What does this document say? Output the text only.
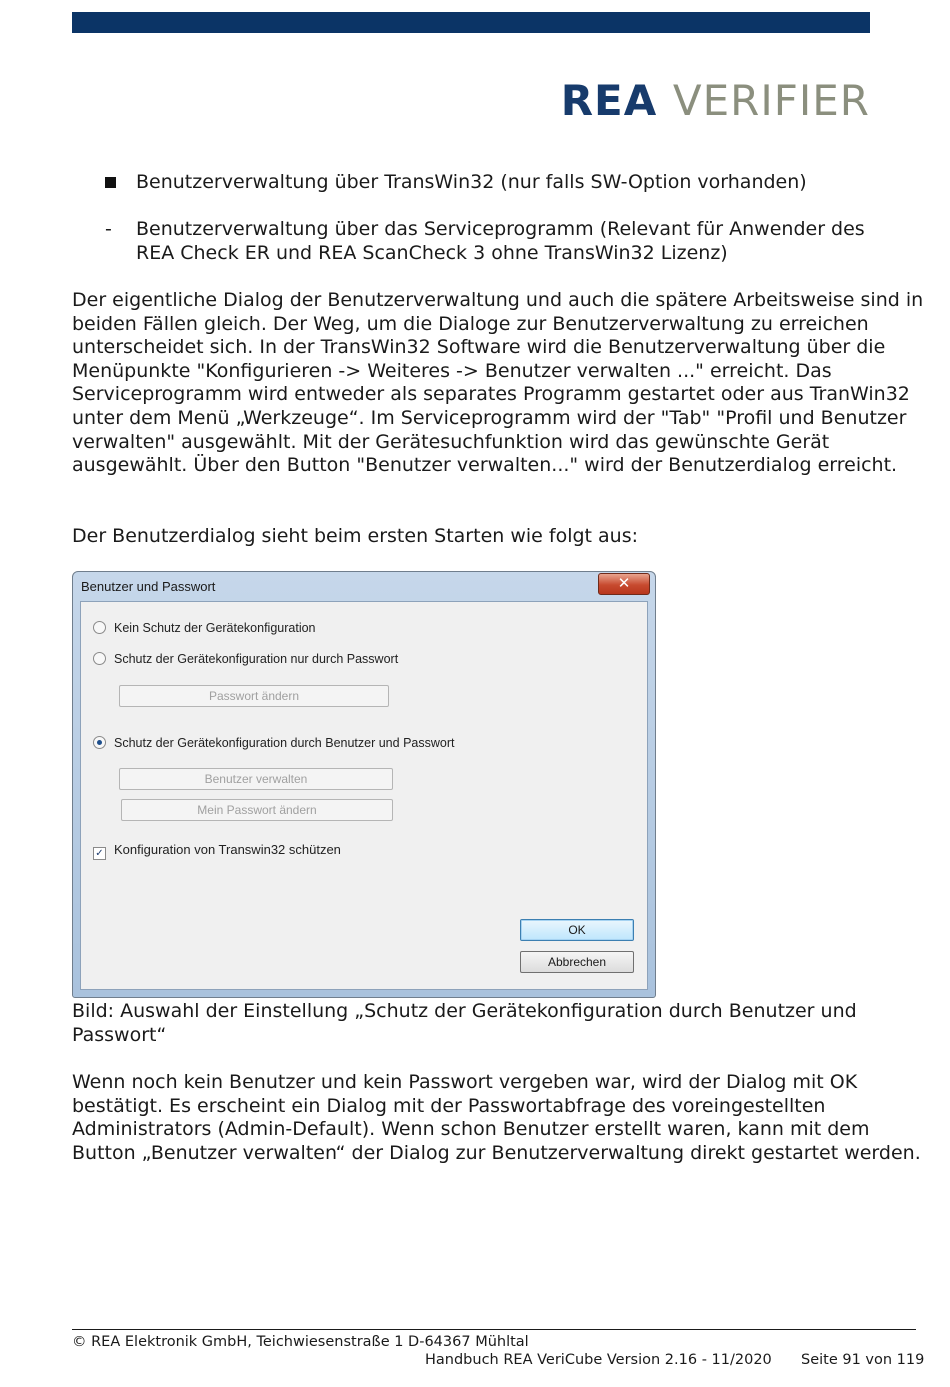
REA VERIFIER
Benutzerverwaltung über TransWin32 (nur falls SW-Option vorhanden)
- Benutzerverwaltung über das Serviceprogramm (Relevant für Anwender des REA Check ER und REA ScanCheck 3 ohne TransWin32 Lizenz)

Der eigentliche Dialog der Benutzerverwaltung und auch die spätere Arbeitsweise sind in beiden Fällen gleich. Der Weg, um die Dialoge zur Benutzerverwaltung zu erreichen unterscheidet sich. In der TransWin32 Software wird die Benutzerverwaltung über die Menüpunkte "Konfigurieren -> Weiteres -> Benutzer verwalten ..." erreicht. Das Serviceprogramm wird entweder als separates Programm gestartet oder aus TranWin32 unter dem Menü „Werkzeuge“. Im Serviceprogramm wird der "Tab" "Profil und Benutzer verwalten" ausgewählt. Mit der Gerätesuchfunktion wird das gewünschte Gerät ausgewählt. Über den Button "Benutzer verwalten..." wird der Benutzerdialog erreicht.

Der Benutzerdialog sieht beim ersten Starten wie folgt aus:

Benutzer und Passwort	✕
Kein Schutz der Gerätekonfiguration
Schutz der Gerätekonfiguration nur durch Passwort
Passwort ändern
Schutz der Gerätekonfiguration durch Benutzer und Passwort
Benutzer verwalten
Mein Passwort ändern
✓ Konfiguration von Transwin32 schützen
OK
Abbrechen

Bild: Auswahl der Einstellung „Schutz der Gerätekonfiguration durch Benutzer und Passwort“

Wenn noch kein Benutzer und kein Passwort vergeben war, wird der Dialog mit OK bestätigt. Es erscheint ein Dialog mit der Passwortabfrage des voreingestellten Administrators (Admin-Default). Wenn schon Benutzer erstellt waren, kann mit dem Button „Benutzer verwalten“ der Dialog zur Benutzerverwaltung direkt gestartet werden.

© REA Elektronik GmbH, Teichwiesenstraße 1 D-64367 Mühltal
Handbuch REA VeriCube Version 2.16 - 11/2020 Seite 91 von 119
